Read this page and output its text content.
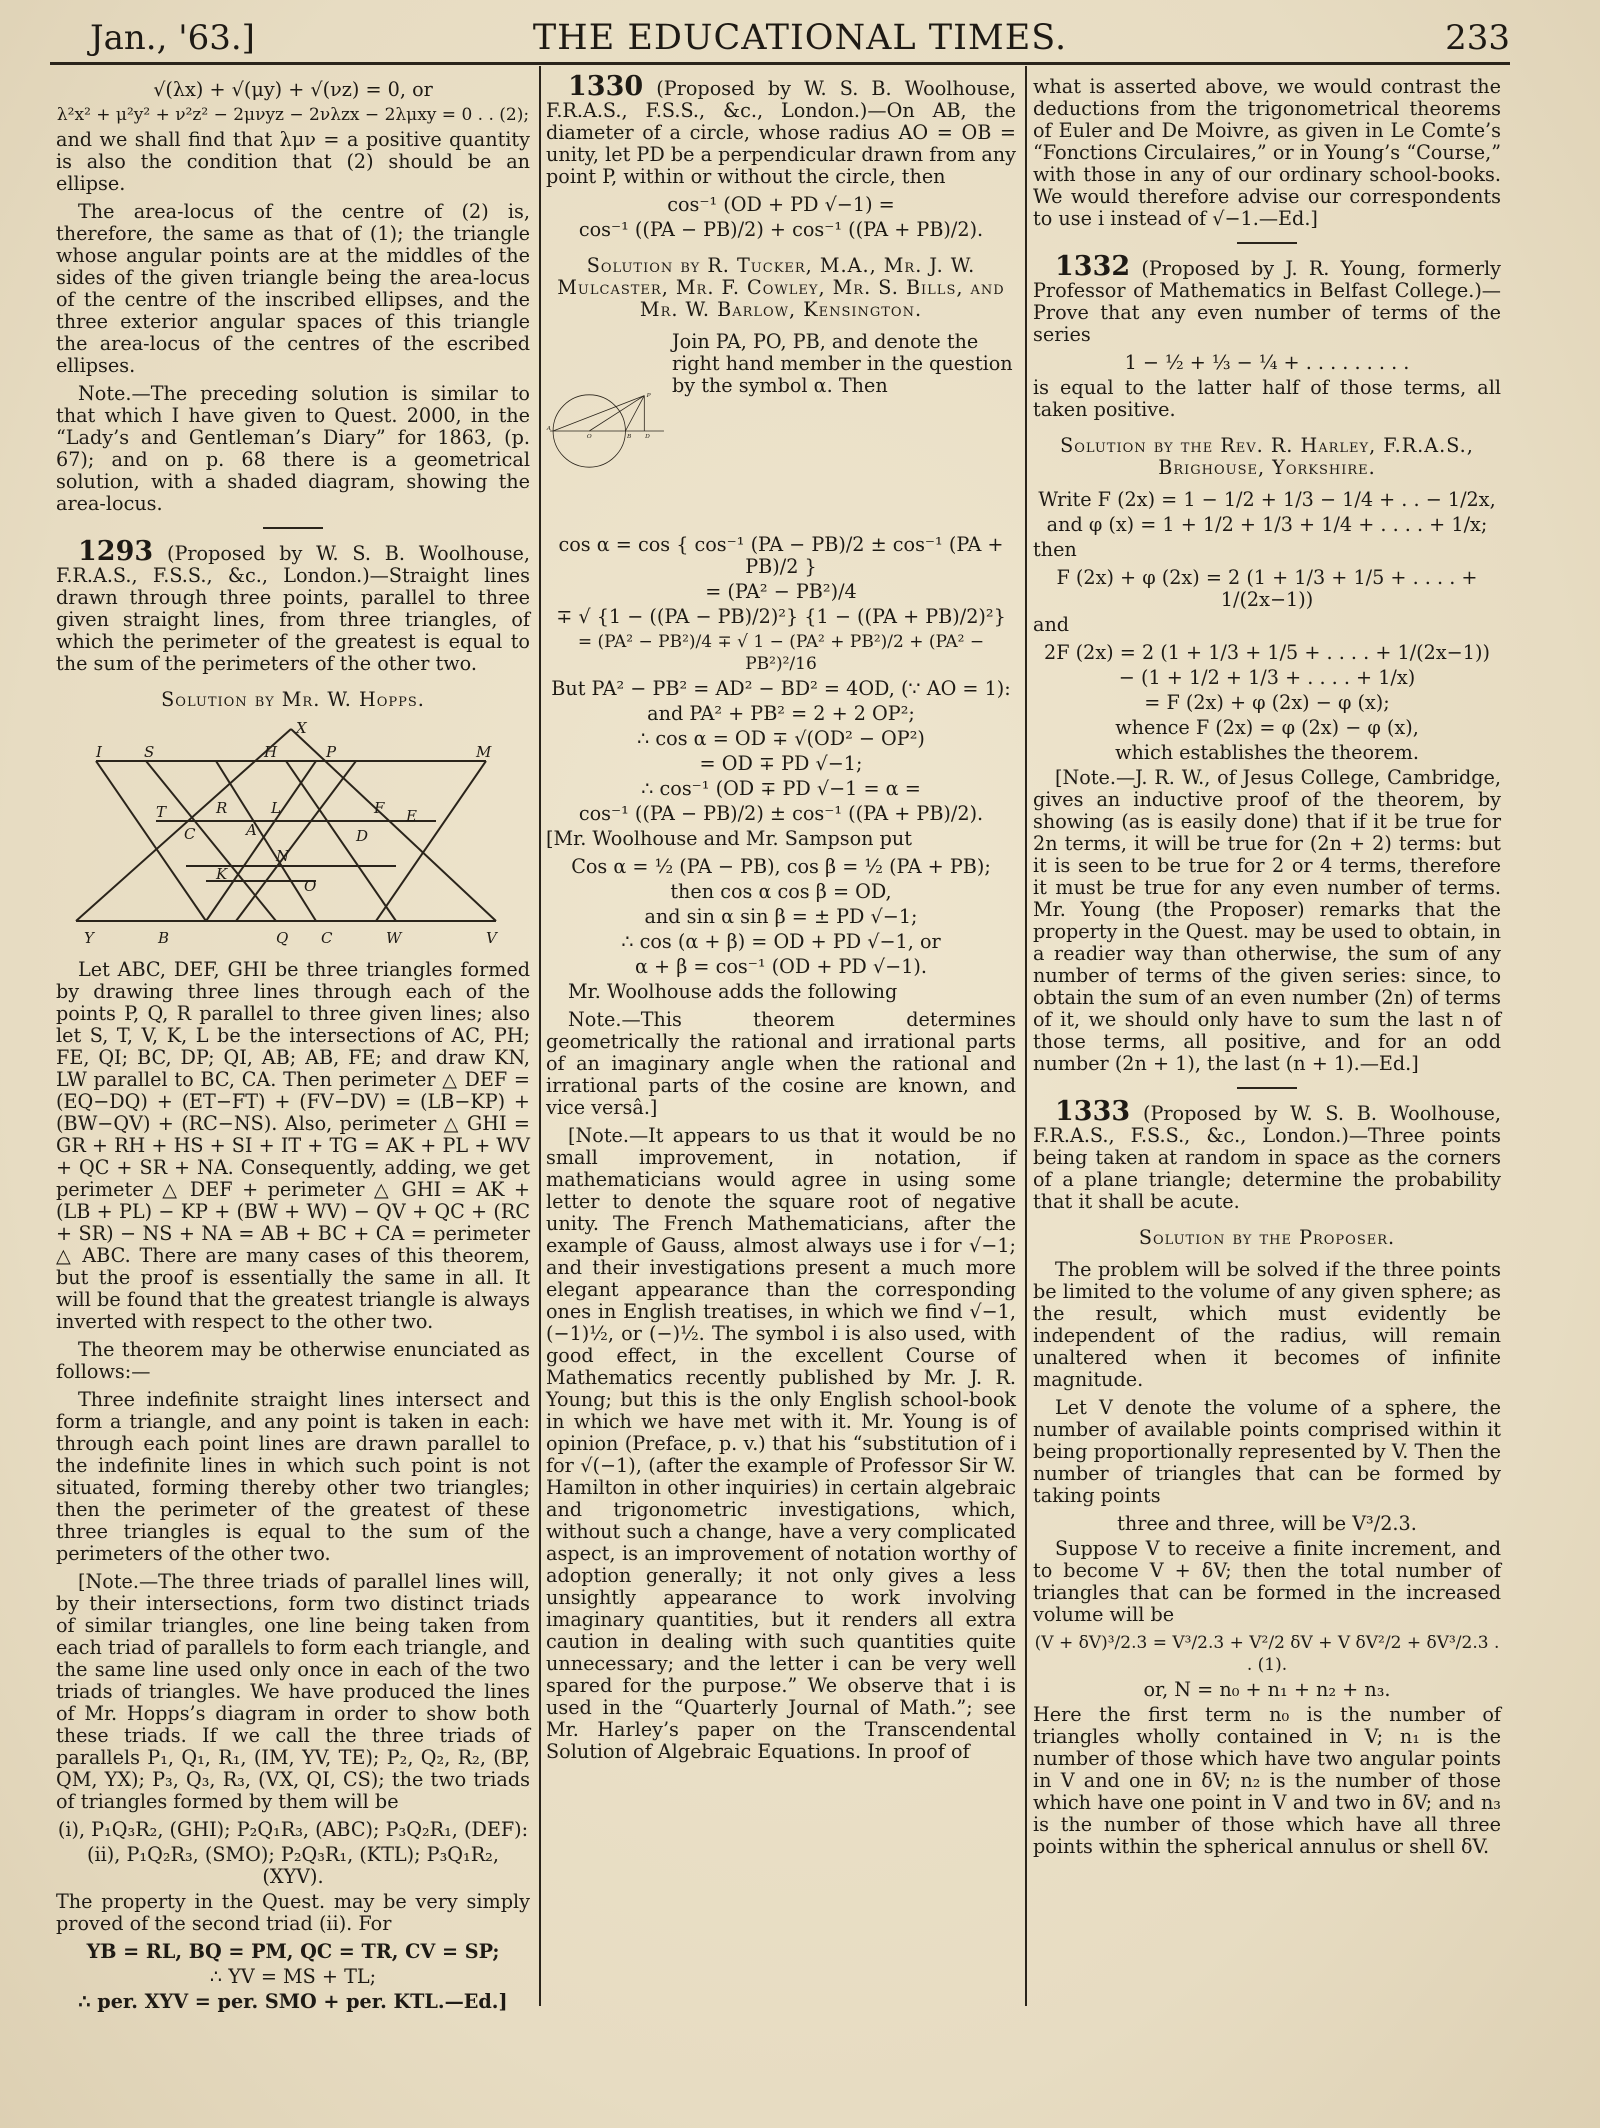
Jan., '63.]	THE EDUCATIONAL TIMES.	233

√(λx) + √(μy) + √(νz) = 0, or

λ²x² + μ²y² + ν²z² − 2μνyz − 2νλzx − 2λμxy = 0 . . (2);

and we shall find that λμν = a positive quantity is also the condition that (2) should be an ellipse.

The area-locus of the centre of (2) is, therefore, the same as that of (1); the triangle whose angular points are at the middles of the sides of the given triangle being the area-locus of the centre of the inscribed ellipses, and the three exterior angular spaces of this triangle the area-locus of the centres of the escribed ellipses.

Note.—The preceding solution is similar to that which I have given to Quest. 2000, in the “Lady’s and Gentleman’s Diary” for 1863, (p. 67); and on p. 68 there is a geometrical solution, with a shaded diagram, showing the area-locus.

1293 (Proposed by W. S. B. Woolhouse, F.R.A.S., F.S.S., &c., London.)—Straight lines drawn through three points, parallel to three given straight lines, from three triangles, of which the perimeter of the greatest is equal to the sum of the perimeters of the other two.

Solution by Mr. W. Hopps.

X
I	S	H	P	M
T	R	L	F E
C	A	D
N
K
O
Y	B	Q C	W	V

Let ABC, DEF, GHI be three triangles formed by drawing three lines through each of the points P, Q, R parallel to three given lines; also let S, T, V, K, L be the intersections of AC, PH; FE, QI; BC, DP; QI, AB; AB, FE; and draw KN, LW parallel to BC, CA. Then perimeter △ DEF = (EQ−DQ) + (ET−FT) + (FV−DV) = (LB−KP) + (BW−QV) + (RC−NS). Also, perimeter △ GHI = GR + RH + HS + SI + IT + TG = AK + PL + WV + QC + SR + NA. Consequently, adding, we get perimeter △ DEF + perimeter △ GHI = AK + (LB + PL) − KP + (BW + WV) − QV + QC + (RC + SR) − NS + NA = AB + BC + CA = perimeter △ ABC. There are many cases of this theorem, but the proof is essentially the same in all. It will be found that the greatest triangle is always inverted with respect to the other two.

The theorem may be otherwise enunciated as follows:—

Three indefinite straight lines intersect and form a triangle, and any point is taken in each: through each point lines are drawn parallel to the indefinite lines in which such point is not situated, forming thereby other two triangles; then the perimeter of the greatest of these three triangles is equal to the sum of the perimeters of the other two.

[Note.—The three triads of parallel lines will, by their intersections, form two distinct triads of similar triangles, one line being taken from each triad of parallels to form each triangle, and the same line used only once in each of the two triads of triangles. We have produced the lines of Mr. Hopps’s diagram in order to show both these triads. If we call the three triads of parallels P₁, Q₁, R₁, (IM, YV, TE); P₂, Q₂, R₂, (BP, QM, YX); P₃, Q₃, R₃, (VX, QI, CS); the two triads of triangles formed by them will be

(i), P₁Q₃R₂, (GHI); P₂Q₁R₃, (ABC); P₃Q₂R₁, (DEF):

(ii), P₁Q₂R₃, (SMO); P₂Q₃R₁, (KTL); P₃Q₁R₂, (XYV).

The property in the Quest. may be very simply proved of the second triad (ii). For

YB = RL, BQ = PM, QC = TR, CV = SP;

∴ YV = MS + TL;

∴ per. XYV = per. SMO + per. KTL.—Ed.]

1330 (Proposed by W. S. B. Woolhouse, F.R.A.S., F.S.S., &c., London.)—On AB, the diameter of a circle, whose radius AO = OB = unity, let PD be a perpendicular drawn from any point P, within or without the circle, then

cos⁻¹ (OD + PD √−1) =

cos⁻¹ ((PA − PB)/2) + cos⁻¹ ((PA + PB)/2).

Solution by R. Tucker, M.A., Mr. J. W. Mulcaster, Mr. F. Cowley, Mr. S. Bills, and Mr. W. Barlow, Kensington.

P
A
O B D
Join PA, PO, PB, and denote the right hand member in the question by the symbol α. Then

cos α = cos { cos⁻¹ (PA − PB)/2 ± cos⁻¹ (PA + PB)/2 }

= (PA² − PB²)/4

∓ √ {1 − ((PA − PB)/2)²} {1 − ((PA + PB)/2)²}

= (PA² − PB²)/4 ∓ √ 1 − (PA² + PB²)/2 + (PA² − PB²)²/16

But PA² − PB² = AD² − BD² = 4OD, (∵ AO = 1):

and PA² + PB² = 2 + 2 OP²;

∴ cos α = OD ∓ √(OD² − OP²)

= OD ∓ PD √−1;

∴ cos⁻¹ (OD ∓ PD √−1 = α =

cos⁻¹ ((PA − PB)/2) ± cos⁻¹ ((PA + PB)/2).

[Mr. Woolhouse and Mr. Sampson put

Cos α = ½ (PA − PB), cos β = ½ (PA + PB);

then cos α cos β = OD,

and sin α sin β = ± PD √−1;

∴ cos (α + β) = OD + PD √−1, or

α + β = cos⁻¹ (OD + PD √−1).

Mr. Woolhouse adds the following

Note.—This theorem determines geometrically the rational and irrational parts of an imaginary angle when the rational and irrational parts of the cosine are known, and vice versâ.]

[Note.—It appears to us that it would be no small improvement, in notation, if mathematicians would agree in using some letter to denote the square root of negative unity. The French Mathematicians, after the example of Gauss, almost always use i for √−1; and their investigations present a much more elegant appearance than the corresponding ones in English treatises, in which we find √−1, (−1)½, or (−)½. The symbol i is also used, with good effect, in the excellent Course of Mathematics recently published by Mr. J. R. Young; but this is the only English school-book in which we have met with it. Mr. Young is of opinion (Preface, p. v.) that his “substitution of i for √(−1), (after the example of Professor Sir W. Hamilton in other inquiries) in certain algebraic and trigonometric investigations, which, without such a change, have a very complicated aspect, is an improvement of notation worthy of adoption generally; it not only gives a less unsightly appearance to work involving imaginary quantities, but it renders all extra caution in dealing with such quantities quite unnecessary; and the letter i can be very well spared for the purpose.” We observe that i is used in the “Quarterly Journal of Math.”; see Mr. Harley’s paper on the Transcendental Solution of Algebraic Equations. In proof of

what is asserted above, we would contrast the deductions from the trigonometrical theorems of Euler and De Moivre, as given in Le Comte’s “Fonctions Circulaires,” or in Young’s “Course,” with those in any of our ordinary school-books. We would therefore advise our correspondents to use i instead of √−1.—Ed.]

1332 (Proposed by J. R. Young, formerly Professor of Mathematics in Belfast College.)—Prove that any even number of terms of the series

1 − ½ + ⅓ − ¼ + . . . . . . . . .

is equal to the latter half of those terms, all taken positive.

Solution by the Rev. R. Harley, F.R.A.S., Brighouse, Yorkshire.

Write F (2x) = 1 − 1/2 + 1/3 − 1/4 + . . − 1/2x,

and φ (x) = 1 + 1/2 + 1/3 + 1/4 + . . . . + 1/x;

then

F (2x) + φ (2x) = 2 (1 + 1/3 + 1/5 + . . . . + 1/(2x−1))

and

2F (2x) = 2 (1 + 1/3 + 1/5 + . . . . + 1/(2x−1))

− (1 + 1/2 + 1/3 + . . . . + 1/x)

= F (2x) + φ (2x) − φ (x);

whence F (2x) = φ (2x) − φ (x),

which establishes the theorem.

[Note.—J. R. W., of Jesus College, Cambridge, gives an inductive proof of the theorem, by showing (as is easily done) that if it be true for 2n terms, it will be true for (2n + 2) terms: but it is seen to be true for 2 or 4 terms, therefore it must be true for any even number of terms. Mr. Young (the Proposer) remarks that the property in the Quest. may be used to obtain, in a readier way than otherwise, the sum of any number of terms of the given series: since, to obtain the sum of an even number (2n) of terms of it, we should only have to sum the last n of those terms, all positive, and for an odd number (2n + 1), the last (n + 1).—Ed.]

1333 (Proposed by W. S. B. Woolhouse, F.R.A.S., F.S.S., &c., London.)—Three points being taken at random in space as the corners of a plane triangle; determine the probability that it shall be acute.

Solution by the Proposer.

The problem will be solved if the three points be limited to the volume of any given sphere; as the result, which must evidently be independent of the radius, will remain unaltered when it becomes of infinite magnitude.

Let V denote the volume of a sphere, the number of available points comprised within it being proportionally represented by V. Then the number of triangles that can be formed by taking points

three and three, will be V³/2.3.

Suppose V to receive a finite increment, and to become V + δV; then the total number of triangles that can be formed in the increased volume will be

(V + δV)³/2.3 = V³/2.3 + V²/2 δV + V δV²/2 + δV³/2.3 . . (1).

or, N = n₀ + n₁ + n₂ + n₃.

Here the first term n₀ is the number of triangles wholly contained in V; n₁ is the number of those which have two angular points in V and one in δV; n₂ is the number of those which have one point in V and two in δV; and n₃ is the number of those which have all three points within the spherical annulus or shell δV.
